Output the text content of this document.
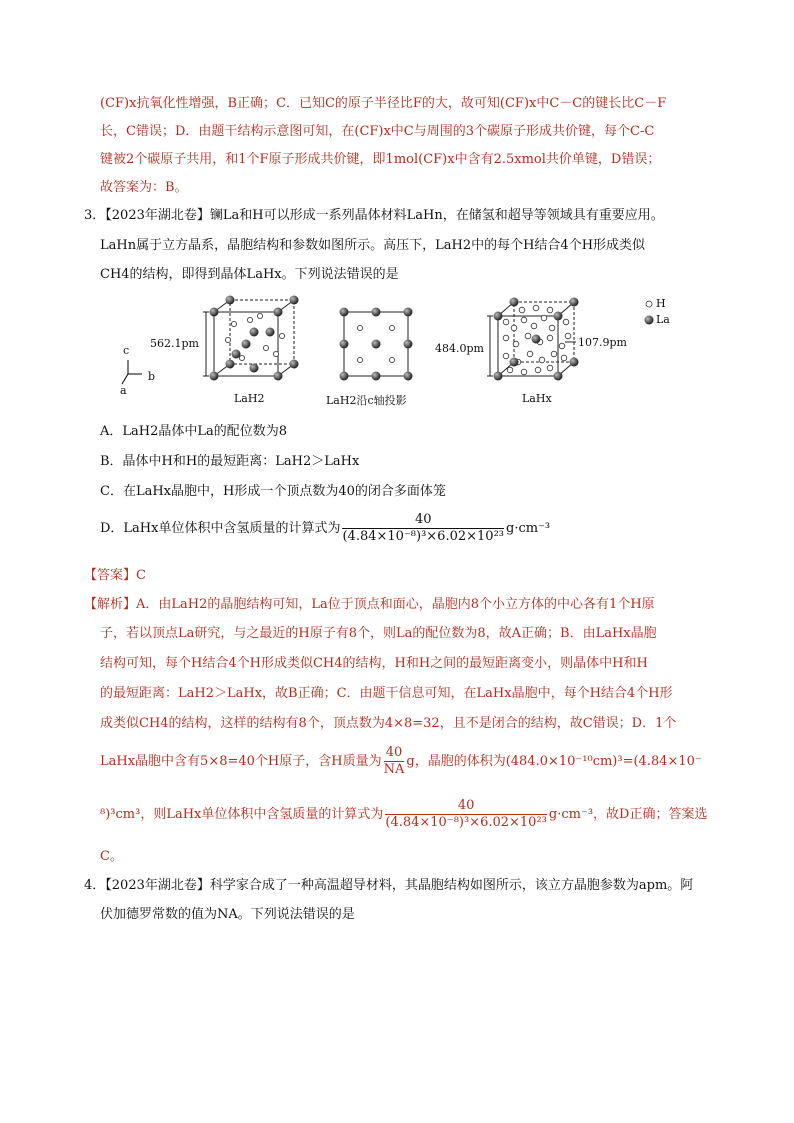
(CF)x抗氧化性增强，B正确；C．已知C的原子半径比F的大，故可知(CF)x中C－C的键长比C－F
长，C错误；D．由题干结构示意图可知，在(CF)x中C与周围的3个碳原子形成共价键，每个C-C
键被2个碳原子共用，和1个F原子形成共价键，即1mol(CF)x中含有2.5xmol共价单键，D错误；
故答案为：B。
3．【2023年湖北卷】镧La和H可以形成一系列晶体材料LaHn，在储氢和超导等领域具有重要应用。
LaHn属于立方晶系，晶胞结构和参数如图所示。高压下，LaH2中的每个H结合4个H形成类似
CH4的结构，即得到晶体LaHx。下列说法错误的是
c
b
a
562.1pm
LaH2	LaH2沿c轴投影
484.0pm	107.9pm
LaHx
H
La
A．LaH2晶体中La的配位数为8
B．晶体中H和H的最短距离：LaH2＞LaHx
C．在LaHx晶胞中，H形成一个顶点数为40的闭合多面体笼
D．LaHx单位体积中含氢质量的计算式为 $\frac{40}{\text{(4.84×10⁻⁸)³×6.02×10²³}} g\cdot cm^{-3}$
【答案】C
【解析】A．由LaH2的晶胞结构可知，La位于顶点和面心，晶胞内8个小立方体的中心各有1个H原
子，若以顶点La研究，与之最近的H原子有8个，则La的配位数为8，故A正确；B．由LaHx晶胞
结构可知，每个H结合4个H形成类似CH4的结构，H和H之间的最短距离变小，则晶体中H和H
的最短距离：LaH2＞LaHx，故B正确；C．由题干信息可知，在LaHx晶胞中，每个H结合4个H形
成类似CH4的结构，这样的结构有8个，顶点数为4×8=32，且不是闭合的结构，故C错误；D．1个
LaHx晶胞中含有5×8=40个H原子，含H质量为 $\frac{40}{NA}$ g，晶胞的体积为(484.0×10⁻¹⁰cm)³=(4.84×10⁻
⁸)³cm³，则LaHx单位体积中含氢质量的计算式为 $\frac{40}{\text{(4.84×10⁻⁸)³×6.02×10²³}} g\cdot cm^{-3}$，故D正确；答案选
C。
4．【2023年湖北卷】科学家合成了一种高温超导材料，其晶胞结构如图所示，该立方晶胞参数为apm。阿
伏加德罗常数的值为NA。下列说法错误的是
